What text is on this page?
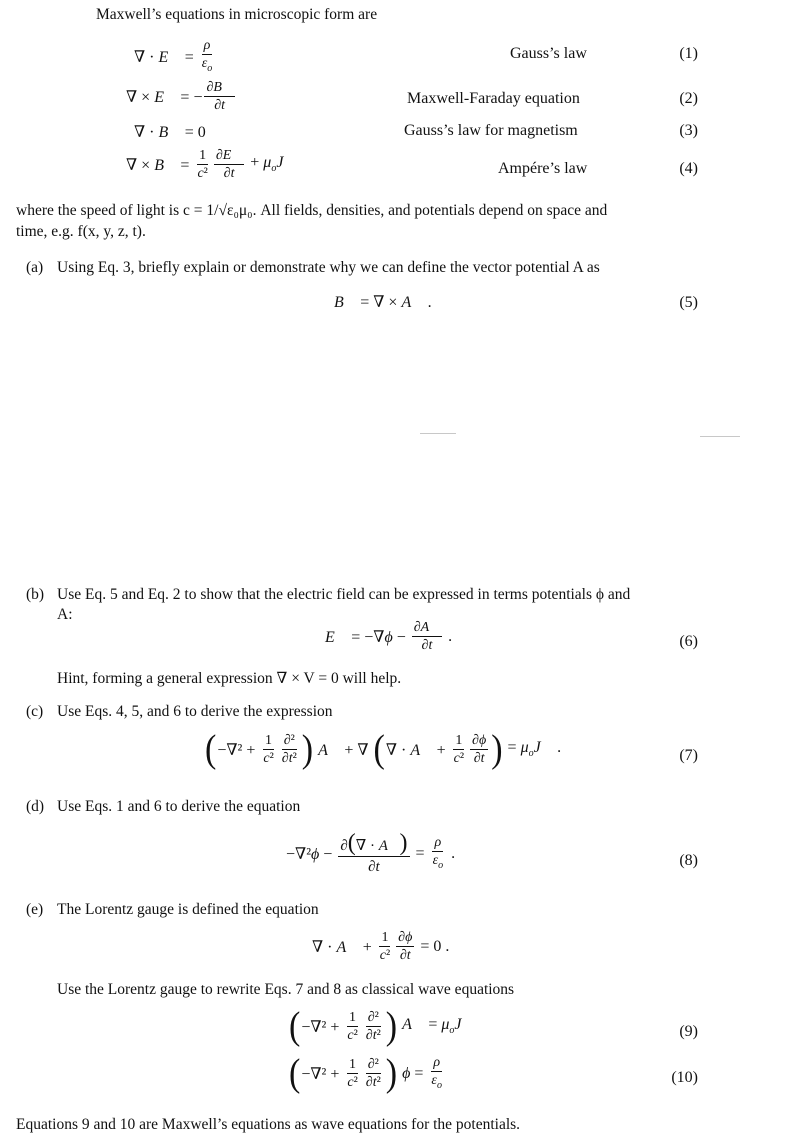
Maxwell’s equations in microscopic form are
∇ · E⃗ = $\frac{\rho}{\varepsilon_o}$	Gauss’s law	(1)
∇ × E⃗ = − $\frac{\partial B⃗}{\partial t}$	Maxwell-Faraday equation	(2)
∇ · B⃗ = 0	Gauss’s law for magnetism	(3)
∇ × B⃗ = $\frac{1}{\text{c²}} \frac{\partial E⃗}{\partial t}$ + $\mu_oJ⃗$	Ampére’s law	(4)
where the speed of light is c = 1/√ε₀μ₀. All fields, densities, and potentials depend on space and
time, e.g. f(x, y, z, t).
(a) Using Eq. 3, briefly explain or demonstrate why we can define the vector potential A as
B⃗ = ∇ × A⃗ .	(5)
(b) Use Eq. 5 and Eq. 2 to show that the electric field can be expressed in terms potentials ϕ and
A:
E⃗ = $-\nabla\phi - \frac{\partial A⃗}{\partial t}$ .	(6)
Hint, forming a general expression ∇ × V = 0 will help.
(c) Use Eqs. 4, 5, and 6 to derive the expression
( $-\nabla^2 + \frac{1}{\text{c²}} \frac{\text{∂²}}{\text{∂t²}}$ ) A⃗ + ∇ ( ∇ · A⃗ + $\frac{1}{\text{c²}} \frac{\partial\phi}{\partial t}$ ) = $\mu_oJ⃗$ .	(7)
(d) Use Eqs. 1 and 6 to derive the equation
$-\nabla^2\phi - \frac{\partial(\nabla \cdot A⃗)}{\partial t} = \frac{\rho}{\varepsilon_o}$ .	(8)
(e) The Lorentz gauge is defined the equation
∇ · A⃗ + $\frac{1}{\text{c²}} \frac{\partial\phi}{\partial t} = 0$ .
Use the Lorentz gauge to rewrite Eqs. 7 and 8 as classical wave equations
( $-\nabla^2 + \frac{1}{\text{c²}} \frac{\text{∂²}}{\text{∂t²}}$ ) A⃗ = $\mu_oJ⃗$	(9)
( $-\nabla^2 + \frac{1}{\text{c²}} \frac{\text{∂²}}{\text{∂t²}}$ ) $\phi = \frac{\rho}{\varepsilon_o}$	(10)
Equations 9 and 10 are Maxwell’s equations as wave equations for the potentials.
